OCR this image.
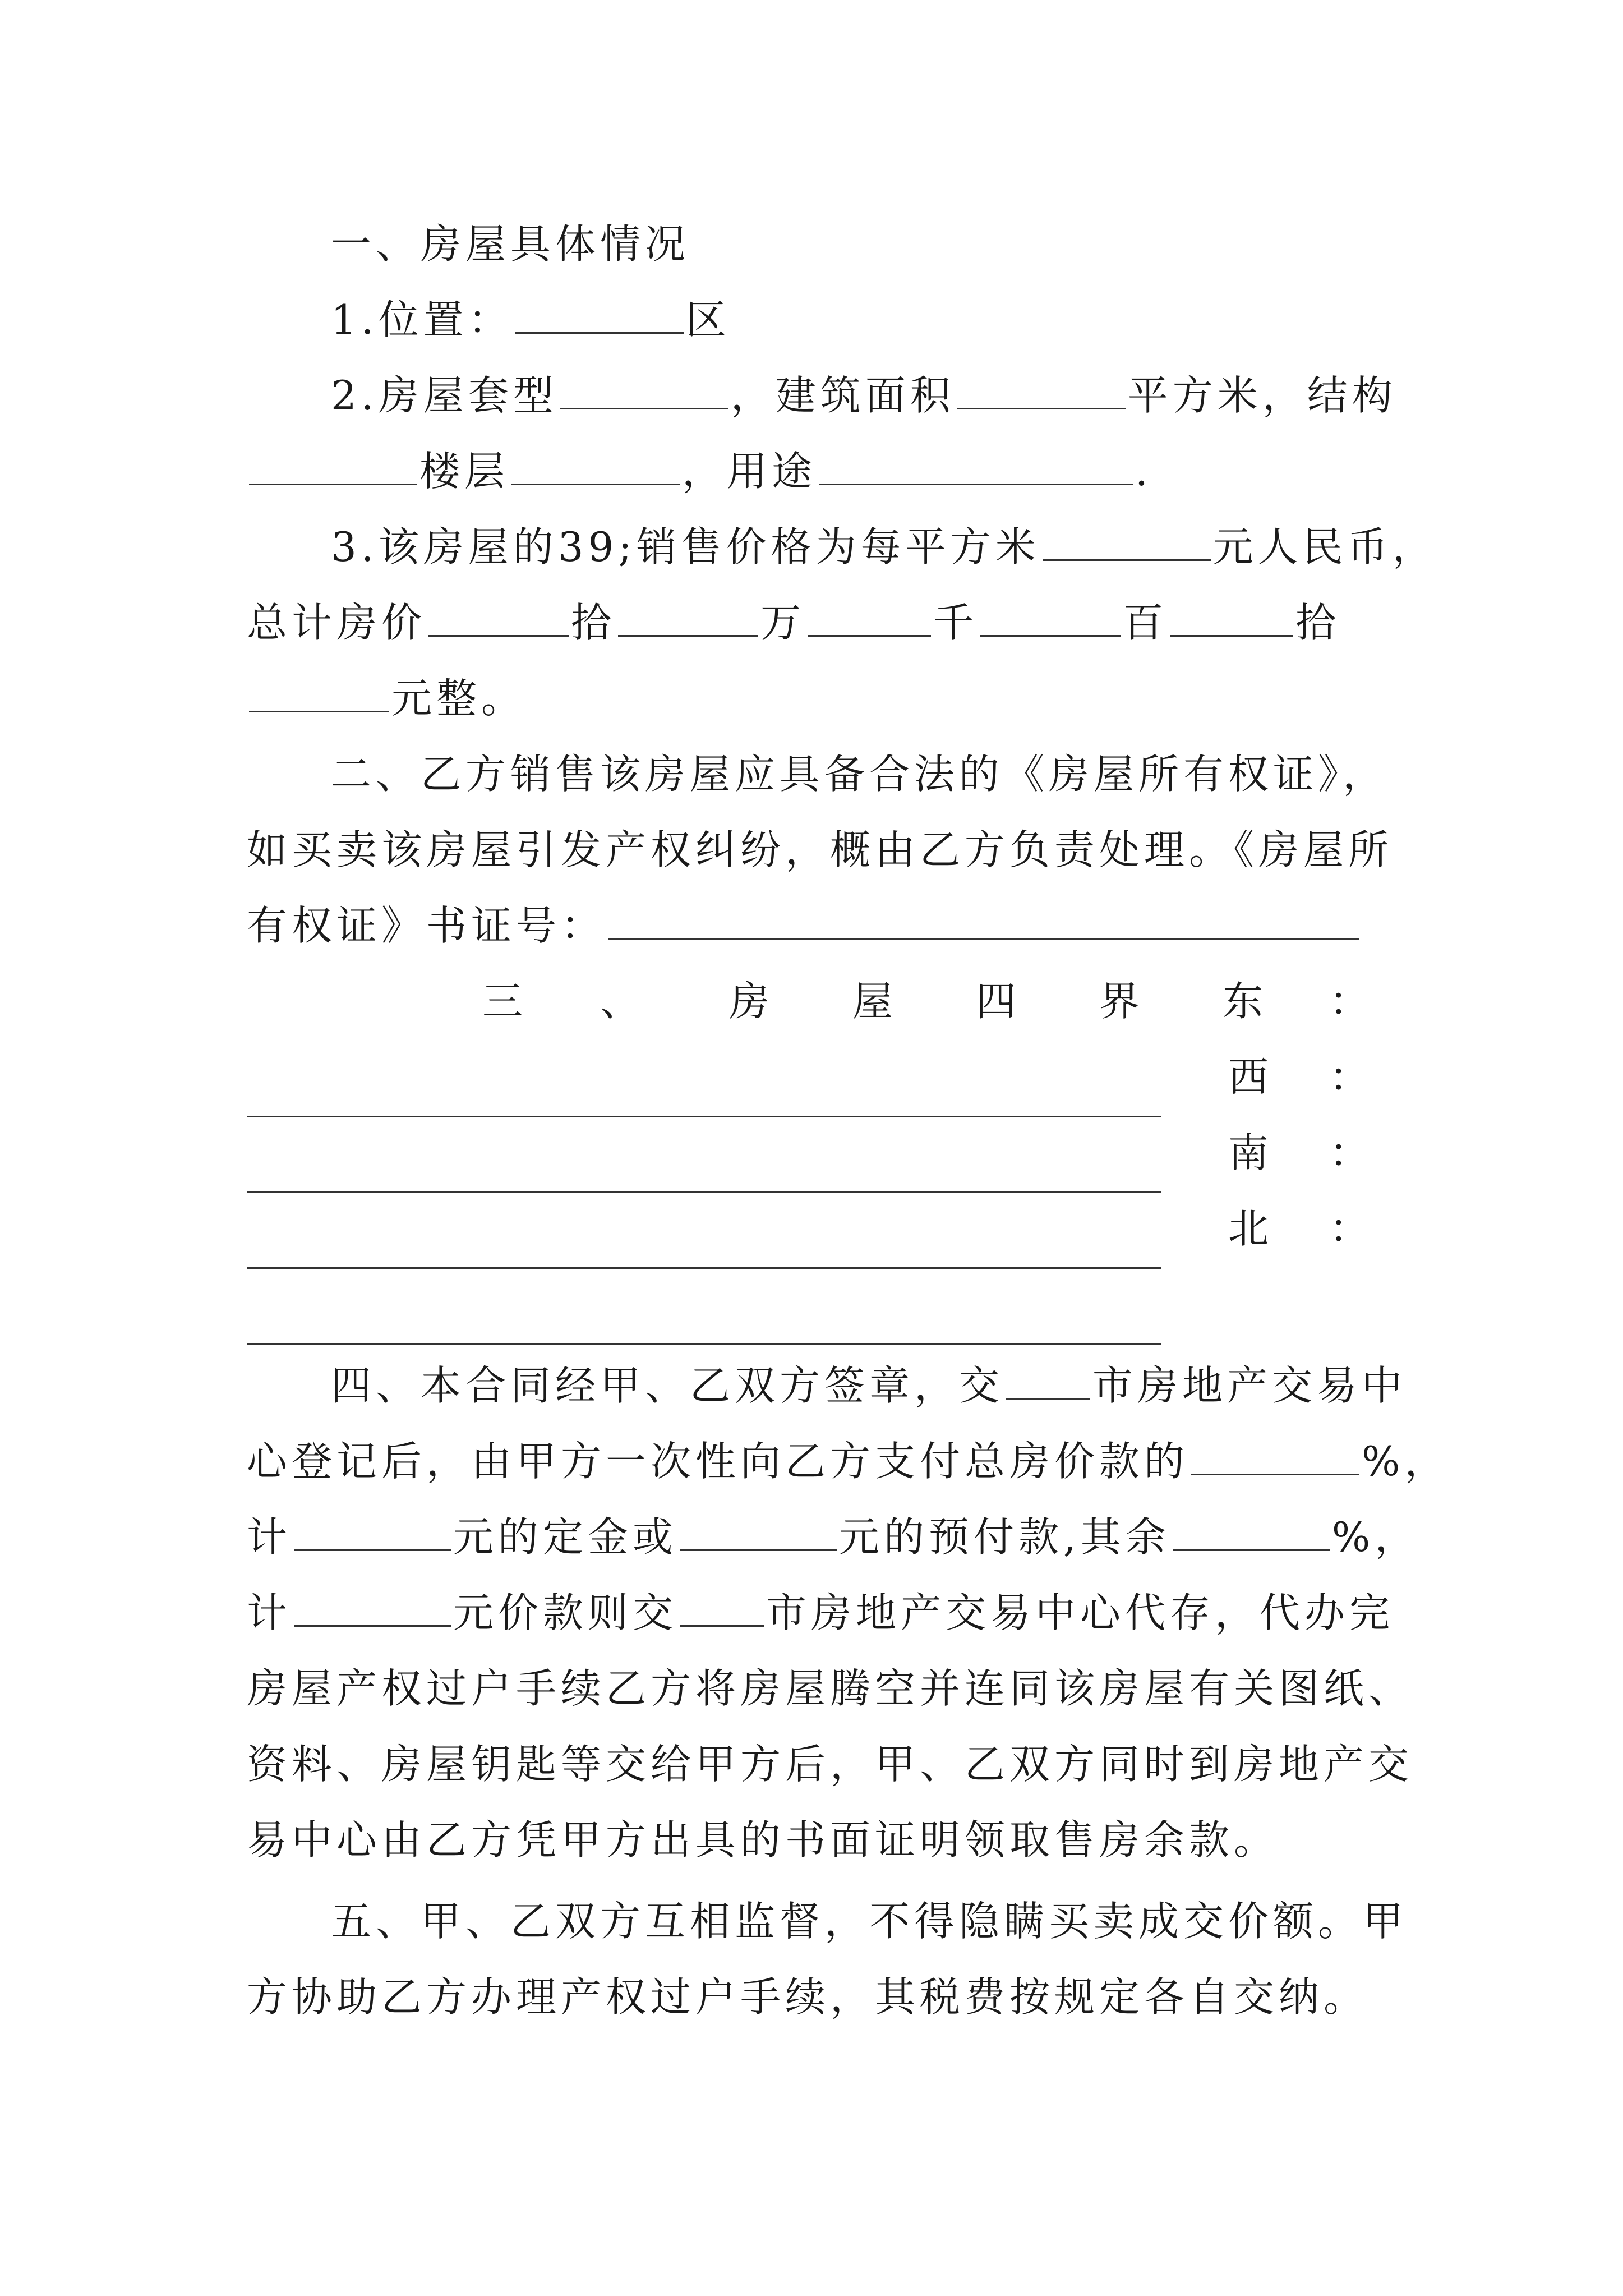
一、房屋具体情况
1.位置：	区
2.房屋套型	，建筑面积	平方米，结构
楼层	，用途	.
3.该房屋的39;销售价格为每平方米	元人民币，
总计房价	拾	万	千	百	拾
元整。
二、乙方销售该房屋应具备合法的《房屋所有权证》，
如买卖该房屋引发产权纠纷，概由乙方负责处理。《房屋所
有权证》书证号：
三 、 房 屋 四 界 东 ：
西 ：
南 ：
北 ：
四、本合同经甲、乙双方签章，交 市房地产交易中
心登记后，由甲方一次性向乙方支付总房价款的	%，
计	元的定金或	元的预付款,其余	%，
计	元价款则交 市房地产交易中心代存，代办完
房屋产权过户手续乙方将房屋腾空并连同该房屋有关图纸、
资料、房屋钥匙等交给甲方后，甲、乙双方同时到房地产交
易中心由乙方凭甲方出具的书面证明领取售房余款。
五、甲、乙双方互相监督，不得隐瞒买卖成交价额。甲
方协助乙方办理产权过户手续，其税费按规定各自交纳。
